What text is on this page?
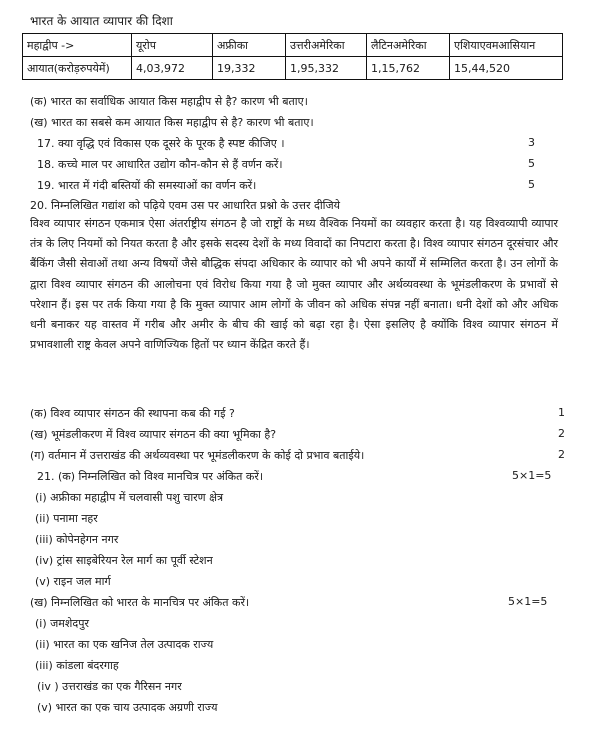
भारत के आयात व्यापार की दिशा
महाद्वीप ->	यूरोप	अफ्रीका	उत्तरीअमेरिका	लैटिनअमेरिका	एशियाएवमआसियान
आयात(करोड़रुपयेमें)	4,03,972	19,332	1,95,332	1,15,762	15,44,520
(क) भारत का सर्वाधिक आयात किस महाद्वीप से है? कारण भी बताए।
(ख) भारत का सबसे कम आयात किस महाद्वीप से है? कारण भी बताए।
17. क्या वृद्धि एवं विकास एक दूसरे के पूरक है स्पष्ट कीजिए ।	3
18. कच्चे माल पर आधारित उद्योग कौन-कौन से हैं वर्णन करें।	5
19. भारत में गंदी बस्तियों की समस्याओं का वर्णन करें।	5
20. निम्नलिखित गद्यांश को पढ़िये एवम उस पर आधारित प्रश्नो के उत्तर दीजिये
विश्व व्यापार संगठन एकमात्र ऐसा अंतर्राष्ट्रीय संगठन है जो राष्ट्रों के मध्य वैश्विक नियमों का व्यवहार करता है। यह विश्वव्यापी व्यापार तंत्र के लिए नियमों को नियत करता है और इसके सदस्य देशों के मध्य विवादों का निपटारा करता है। विश्व व्यापार संगठन दूरसंचार और बैंकिंग जैसी सेवाओं तथा अन्य विषयों जैसे बौद्धिक संपदा अधिकार के व्यापार को भी अपने कार्यों में सम्मिलित करता है। उन लोगों के द्वारा विश्व व्यापार संगठन की आलोचना एवं विरोध किया गया है जो मुक्त व्यापार और अर्थव्यवस्था के भूमंडलीकरण के प्रभावों से परेशान हैं। इस पर तर्क किया गया है कि मुक्त व्यापार आम लोगों के जीवन को अधिक संपन्न नहीं बनाता। धनी देशों को और अधिक धनी बनाकर यह वास्तव में गरीब और अमीर के बीच की खाई को बढ़ा रहा है। ऐसा इसलिए है क्योंकि विश्व व्यापार संगठन में प्रभावशाली राष्ट्र केवल अपने वाणिज्यिक हितों पर ध्यान केंद्रित करते हैं।
(क) विश्व व्यापार संगठन की स्थापना कब की गई ?	1
(ख) भूमंडलीकरण में विश्व व्यापार संगठन की क्या भूमिका है?	2
(ग) वर्तमान में उत्तराखंड की अर्थव्यवस्था पर भूमंडलीकरण के कोई दो प्रभाव बताईये।	2
21. (क) निम्नलिखित को विश्व मानचित्र पर अंकित करें।	5×1=5
(i) अफ्रीका महाद्वीप में चलवासी पशु चारण क्षेत्र
(ii) पनामा नहर
(iii) कोपेनहेगन नगर
(iv) ट्रांस साइबेरियन रेल मार्ग का पूर्वी स्टेशन
(v) राइन जल मार्ग
(ख) निम्नलिखित को भारत के मानचित्र पर अंकित करें।	5×1=5
(i) जमशेदपुर
(ii) भारत का एक खनिज तेल उत्पादक राज्य
(iii) कांडला बंदरगाह
(iv ) उत्तराखंड का एक गैरिसन नगर
(v) भारत का एक चाय उत्पादक अग्रणी राज्य
